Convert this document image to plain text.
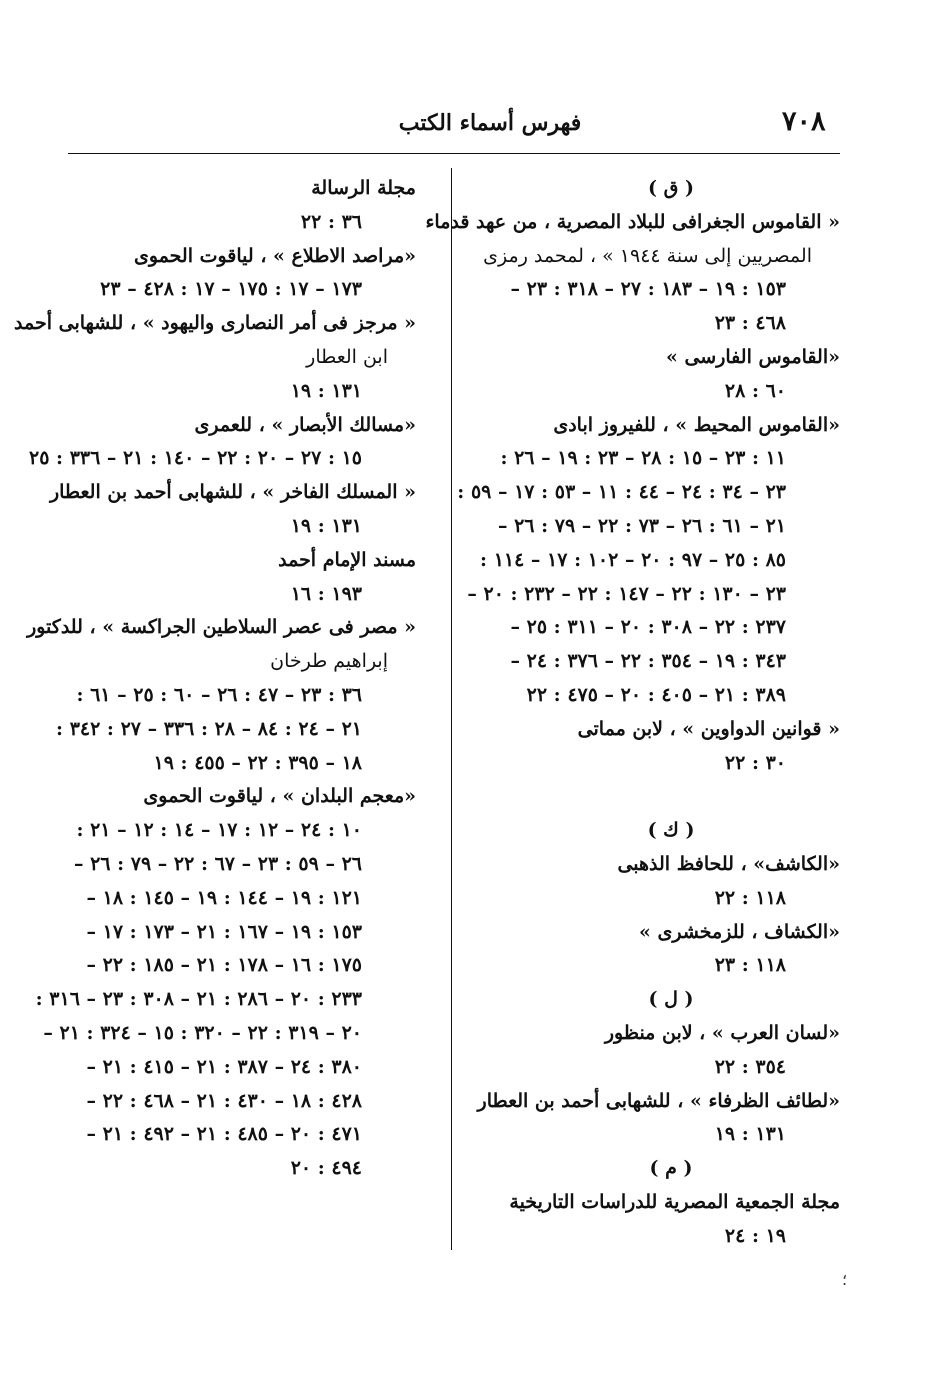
٧٠٨
فهرس أسماء الكتب
( ق )
« القاموس الجغرافى للبلاد المصرية ، من عهد قدماء
المصريين إلى سنة ١٩٤٤ » ، لمحمد رمزى
١٥٣ : ١٩ – ١٨٣ : ٢٧ – ٣١٨ : ٢٣ –
٤٦٨ : ٢٣
«القاموس الفارسى »
٦٠ : ٢٨
«القاموس المحيط » ، للفيروز ابادى
١١ : ٢٣ – ١٥ : ٢٨ – ٢٣ : ١٩ – ٢٦ :
٢٣ – ٣٤ : ٢٤ – ٤٤ : ١١ – ٥٣ : ١٧ – ٥٩ :
٢١ – ٦١ : ٢٦ – ٧٣ : ٢٢ – ٧٩ : ٢٦ –
٨٥ : ٢٥ – ٩٧ : ٢٠ – ١٠٢ : ١٧ – ١١٤ :
٢٣ – ١٣٠ : ٢٢ – ١٤٧ : ٢٢ – ٢٣٢ : ٢٠ –
٢٣٧ : ٢٢ – ٣٠٨ : ٢٠ – ٣١١ : ٢٥ –
٣٤٣ : ١٩ – ٣٥٤ : ٢٢ – ٣٧٦ : ٢٤ –
٣٨٩ : ٢١ – ٤٠٥ : ٢٠ – ٤٧٥ : ٢٢
« قوانين الدواوين » ، لابن مماتى
٣٠ : ٢٢
( ك )
«الكاشف» ، للحافظ الذهبى
١١٨ : ٢٢
«الكشاف ، للزمخشرى »
١١٨ : ٢٣
( ل )
«لسان العرب » ، لابن منظور
٣٥٤ : ٢٢
«لطائف الظرفاء » ، للشهابى أحمد بن العطار
١٣١ : ١٩
( م )
مجلة الجمعية المصرية للدراسات التاريخية
١٩ : ٢٤
مجلة الرسالة
٣٦ : ٢٢
«مراصد الاطلاع » ، لياقوت الحموى
١٧٣ – ١٧ : ١٧٥ – ١٧ : ٤٢٨ – ٢٣
« مرجز فى أمر النصارى واليهود » ، للشهابى أحمد
ابن العطار
١٣١ : ١٩
«مسالك الأبصار » ، للعمرى
١٥ : ٢٧ – ٢٠ : ٢٢ – ١٤٠ : ٢١ – ٣٣٦ : ٢٥
« المسلك الفاخر » ، للشهابى أحمد بن العطار
١٣١ : ١٩
مسند الإمام أحمد
١٩٣ : ١٦
« مصر فى عصر السلاطين الجراكسة » ، للدكتور
إبراهيم طرخان
٣٦ : ٢٣ – ٤٧ : ٢٦ – ٦٠ : ٢٥ – ٦١ :
٢١ – ٢٤ : ٨٤ – ٢٨ : ٣٣٦ – ٢٧ : ٣٤٢ :
١٨ – ٣٩٥ : ٢٢ – ٤٥٥ : ١٩
«معجم البلدان » ، لياقوت الحموى
١٠ : ٢٤ – ١٢ : ١٧ – ١٤ : ١٢ – ٢١ :
٢٦ – ٥٩ : ٢٣ – ٦٧ : ٢٢ – ٧٩ : ٢٦ –
١٢١ : ١٩ – ١٤٤ : ١٩ – ١٤٥ : ١٨ –
١٥٣ : ١٩ – ١٦٧ : ٢١ – ١٧٣ : ١٧ –
١٧٥ : ١٦ – ١٧٨ : ٢١ – ١٨٥ : ٢٢ –
٢٣٣ : ٢٠ – ٢٨٦ : ٢١ – ٣٠٨ : ٢٣ – ٣١٦ :
٢٠ – ٣١٩ : ٢٢ – ٣٢٠ : ١٥ – ٣٢٤ : ٢١ –
٣٨٠ : ٢٤ – ٣٨٧ : ٢١ – ٤١٥ : ٢١ –
٤٢٨ : ١٨ – ٤٣٠ : ٢١ – ٤٦٨ : ٢٢ –
٤٧١ : ٢٠ – ٤٨٥ : ٢١ – ٤٩٢ : ٢١ –
٤٩٤ : ٢٠
؛
